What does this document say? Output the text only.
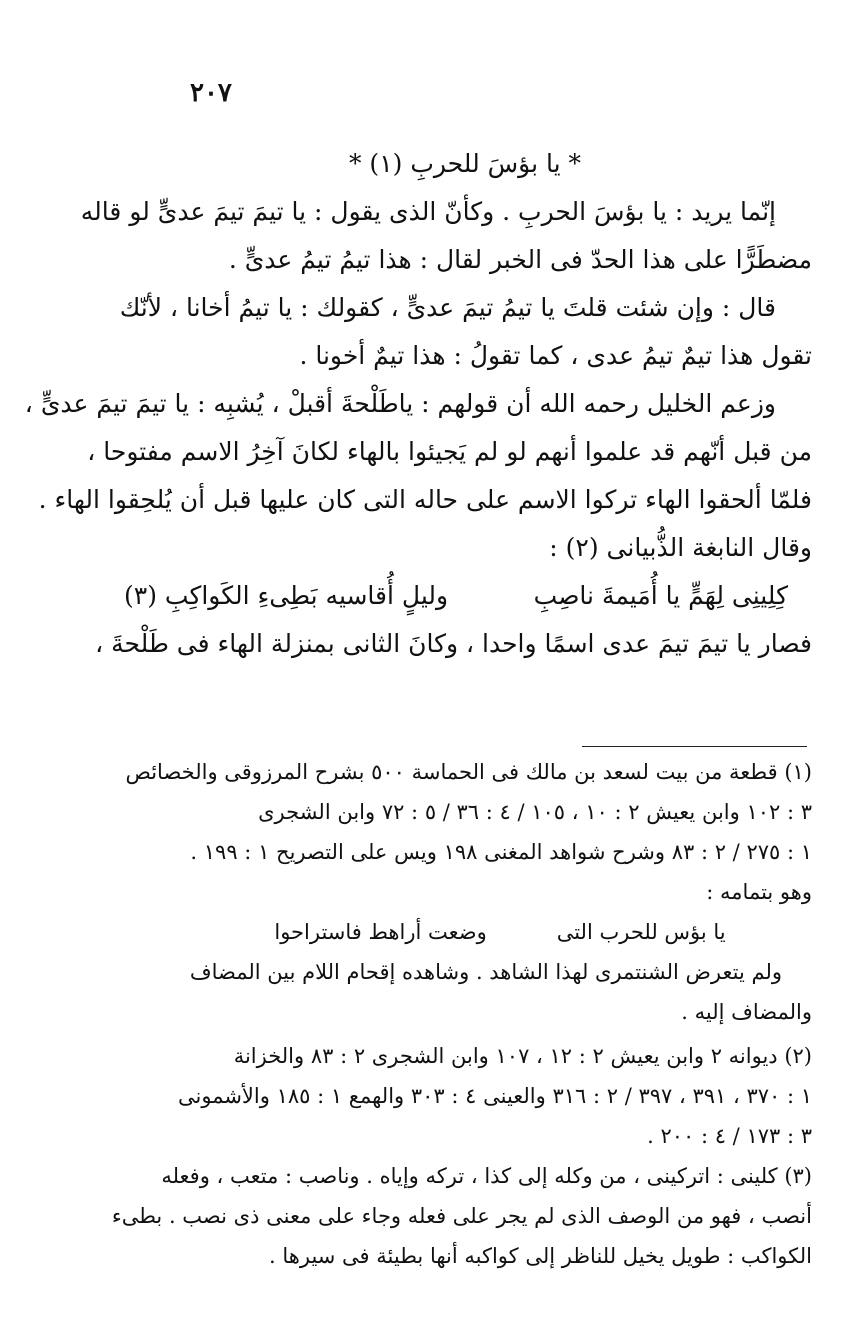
٢٠٧
* يا بؤسَ للحربِ (١) *
إنّما يريد : يا بؤسَ الحربِ . وكأنّ الذى يقول : يا تيمَ تيمَ عدىٍّ لو قاله
مضطَرًّا على هذا الحدّ فى الخبر لقال : هذا تيمُ تيمُ عدىٍّ .
قال : وإن شئت قلتَ يا تيمُ تيمَ عدىٍّ ، كقولك : يا تيمُ أخانا ، لأنّك
تقول هذا تيمٌ تيمُ عدى ، كما تقولُ : هذا تيمٌ أخونا .
وزعم الخليل رحمه الله أن قولهم : ياطَلْحةَ أقبلْ ، يُشبِه : يا تيمَ تيمَ عدىٍّ ،
من قبل أنّهم قد علموا أنهم لو لم يَجيئوا بالهاء لكانَ آخِرُ الاسم مفتوحا ،
فلمّا ألحقوا الهاء تركوا الاسم على حاله التى كان عليها قبل أن يُلحِقوا الهاء .
وقال النابغة الذُّبيانى (٢) :
كِلِينِى لِهَمٍّ يا أُمَيمةَ ناصِبِ
وليلٍ أُقاسيه بَطِىءِ الكَواكِبِ (٣)
فصار يا تيمَ تيمَ عدى اسمًا واحدا ، وكانَ الثانى بمنزلة الهاء فى طَلْحةَ ،
(١) قطعة من بيت لسعد بن مالك فى الحماسة ٥٠٠ بشرح المرزوقى والخصائص
٣ : ١٠٢ وابن يعيش ٢ : ١٠ ، ١٠٥ / ٤ : ٣٦ / ٥ : ٧٢ وابن الشجرى
١ : ٢٧٥ / ٢ : ٨٣ وشرح شواهد المغنى ١٩٨ ويس على التصريح ١ : ١٩٩ .
وهو بتمامه :
يا بؤس للحرب التى
وضعت أراهط فاستراحوا
ولم يتعرض الشنتمرى لهذا الشاهد . وشاهده إقحام اللام بين المضاف
والمضاف إليه .
(٢) ديوانه ٢ وابن يعيش ٢ : ١٢ ، ١٠٧ وابن الشجرى ٢ : ٨٣ والخزانة
١ : ٣٧٠ ، ٣٩١ ، ٣٩٧ / ٢ : ٣١٦ والعينى ٤ : ٣٠٣ والهمع ١ : ١٨٥ والأشمونى
٣ : ١٧٣ / ٤ : ٢٠٠ .
(٣) كلينى : اتركينى ، من وكله إلى كذا ، تركه وإياه . وناصب : متعب ، وفعله
أنصب ، فهو من الوصف الذى لم يجر على فعله وجاء على معنى ذى نصب . بطىء
الكواكب : طويل يخيل للناظر إلى كواكبه أنها بطيئة فى سيرها .
